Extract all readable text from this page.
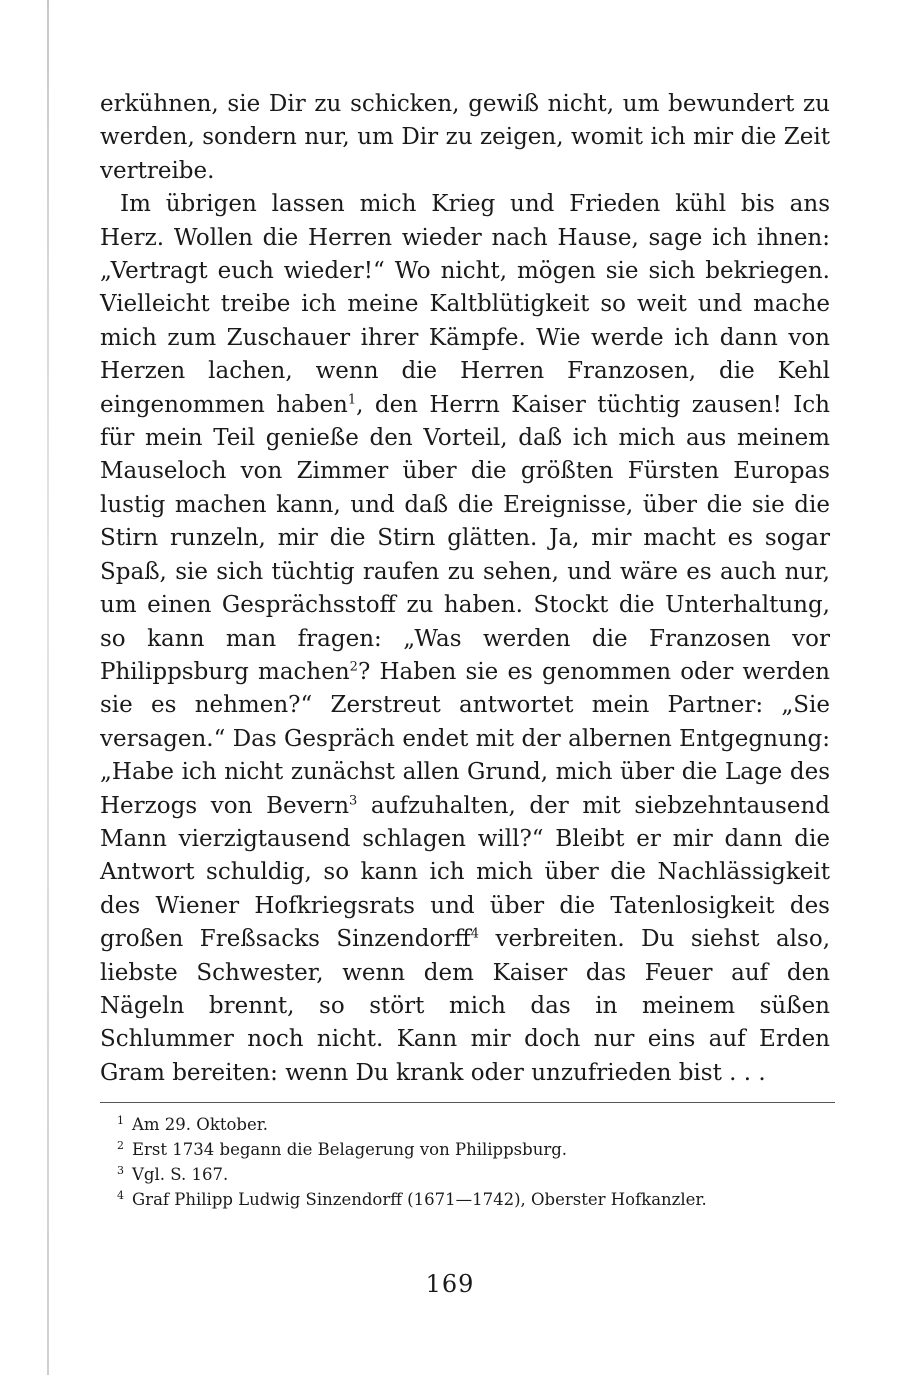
erkühnen, sie Dir zu schicken, gewiß nicht, um bewundert zu werden, sondern nur, um Dir zu zeigen, womit ich mir die Zeit vertreibe.

Im übrigen lassen mich Krieg und Frieden kühl bis ans Herz. Wollen die Herren wieder nach Hause, sage ich ihnen: „Vertragt euch wieder!“ Wo nicht, mögen sie sich bekriegen. Vielleicht treibe ich meine Kaltblütigkeit so weit und mache mich zum Zuschauer ihrer Kämpfe. Wie werde ich dann von Herzen lachen, wenn die Herren Franzosen, die Kehl eingenommen haben$^1$, den Herrn Kaiser tüchtig zausen! Ich für mein Teil genieße den Vorteil, daß ich mich aus meinem Mauseloch von Zimmer über die größten Fürsten Europas lustig machen kann, und daß die Ereignisse, über die sie die Stirn runzeln, mir die Stirn glätten. Ja, mir macht es sogar Spaß, sie sich tüchtig raufen zu sehen, und wäre es auch nur, um einen Gesprächsstoff zu haben. Stockt die Unterhaltung, so kann man fragen: „Was werden die Franzosen vor Philippsburg machen$^2$? Haben sie es genommen oder werden sie es nehmen?“ Zerstreut antwortet mein Partner: „Sie versagen.“ Das Gespräch endet mit der albernen Entgegnung: „Habe ich nicht zunächst allen Grund, mich über die Lage des Herzogs von Bevern$^3$ aufzuhalten, der mit siebzehntausend Mann vierzigtausend schlagen will?“ Bleibt er mir dann die Antwort schuldig, so kann ich mich über die Nachlässigkeit des Wiener Hofkriegsrats und über die Tatenlosigkeit des großen Freßsacks Sinzendorff$^4$ verbreiten. Du siehst also, liebste Schwester, wenn dem Kaiser das Feuer auf den Nägeln brennt, so stört mich das in meinem süßen Schlummer noch nicht. Kann mir doch nur eins auf Erden Gram bereiten: wenn Du krank oder unzufrieden bist . . .

$^1$ Am 29. Oktober.
$^2$ Erst 1734 begann die Belagerung von Philippsburg.
$^3$ Vgl. S. 167.
$^4$ Graf Philipp Ludwig Sinzendorff (1671—1742), Oberster Hofkanzler.
169
